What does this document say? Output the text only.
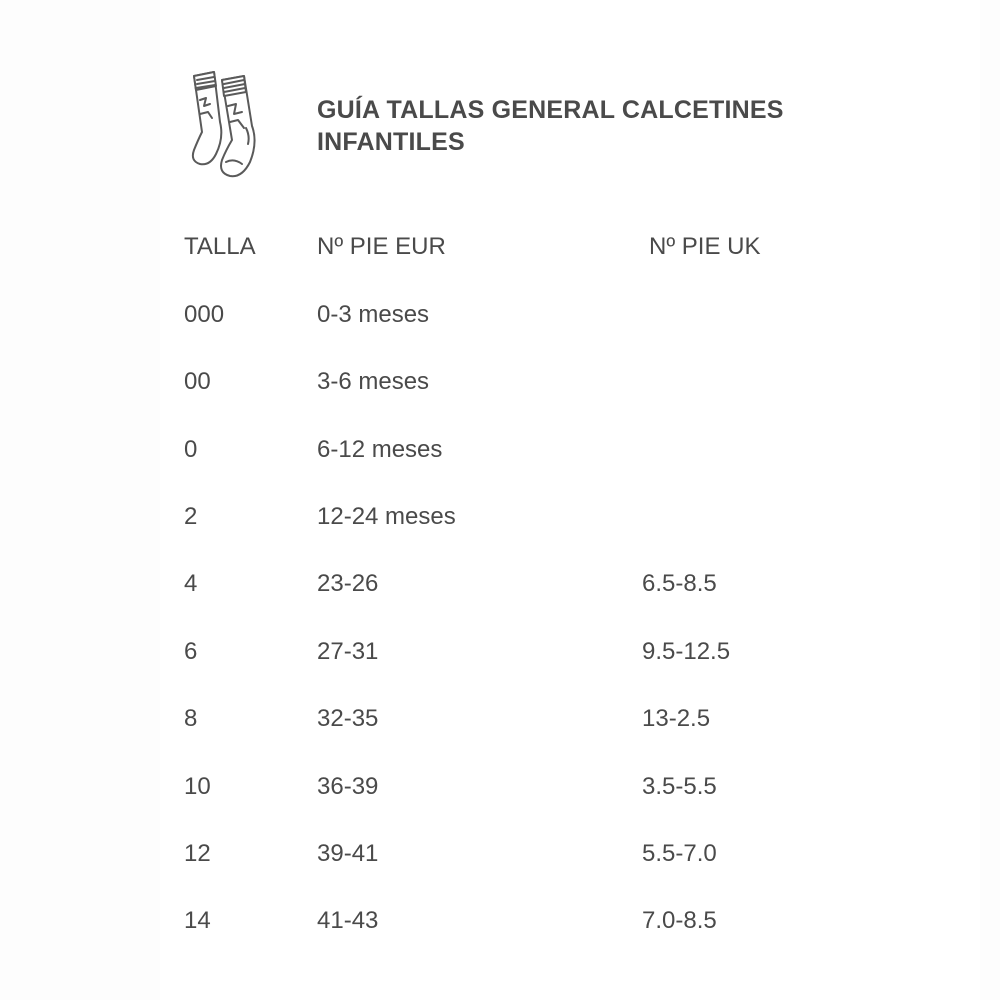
GUÍA TALLAS GENERAL CALCETINES
INFANTILES
TALLA	Nº PIE EUR	Nº PIE UK
000	0-3 meses
00	3-6 meses
0	6-12 meses
2	12-24 meses
4	23-26	6.5-8.5
6	27-31	9.5-12.5
8	32-35	13-2.5
10	36-39	3.5-5.5
12	39-41	5.5-7.0
14	41-43	7.0-8.5
